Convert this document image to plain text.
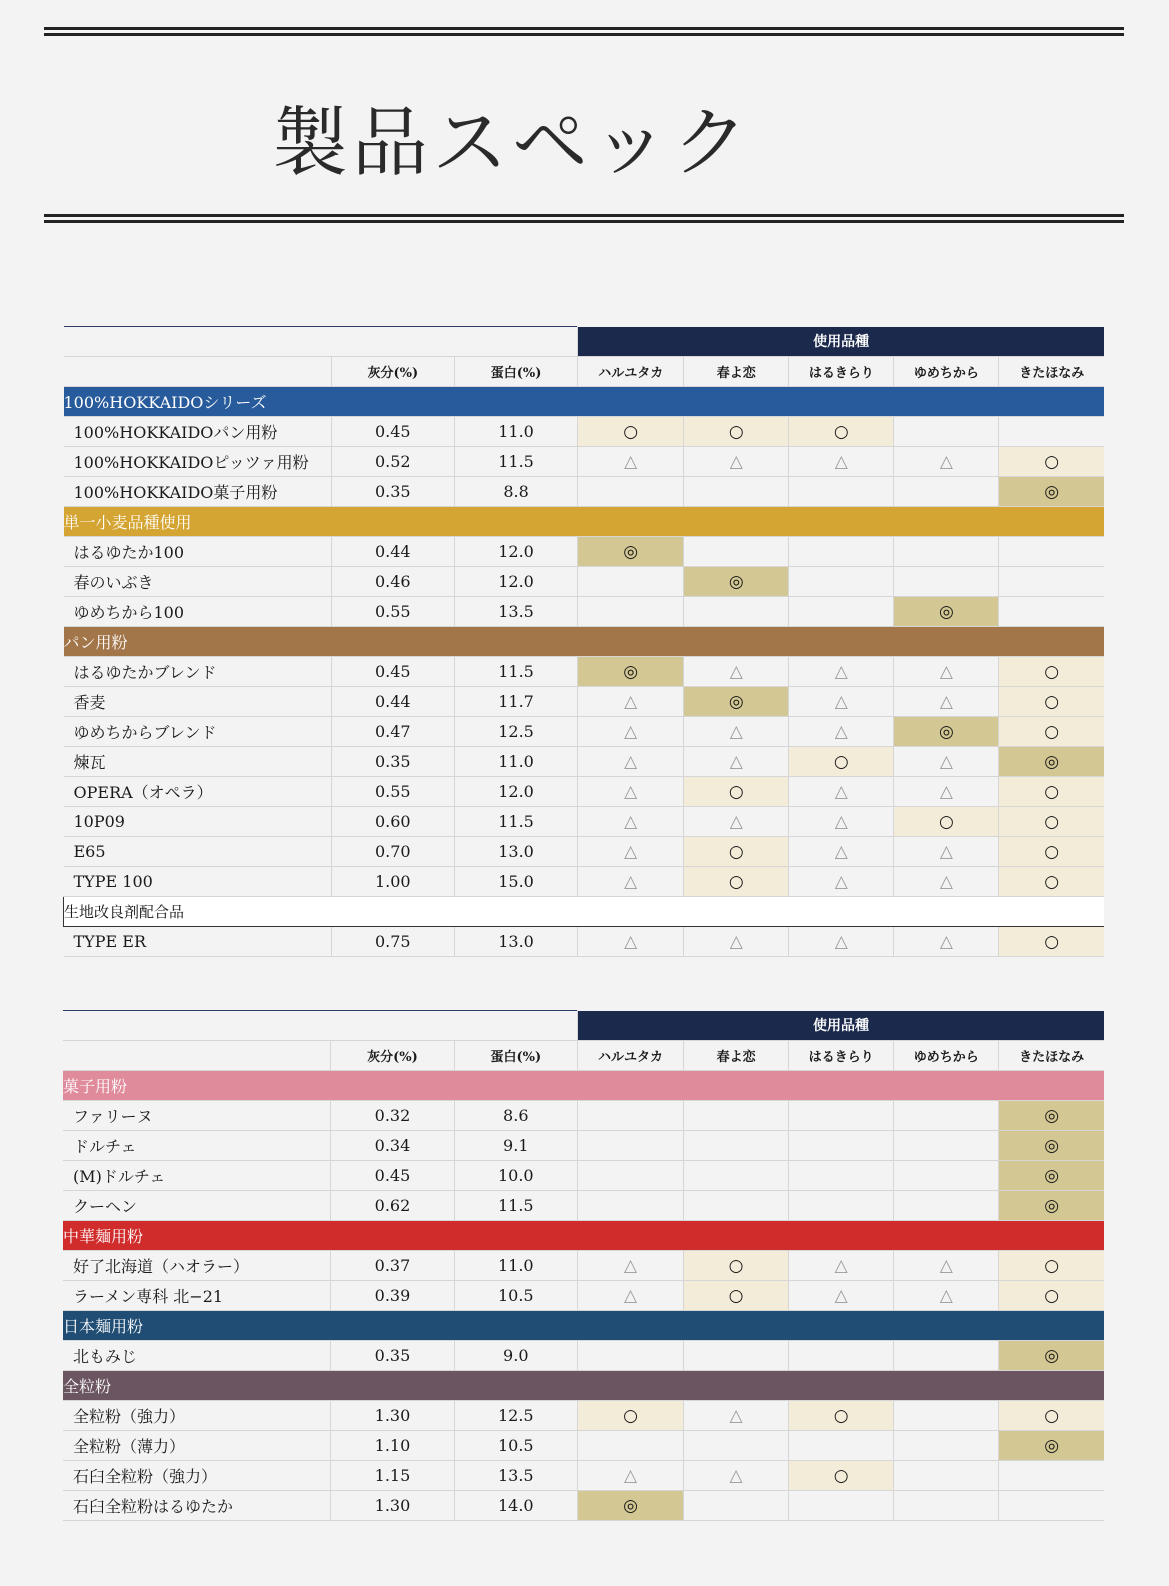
製品スペック
			使用品種				
	灰分(%)	蛋白(%)	ハルユタカ	春よ恋	はるきらり	ゆめちから	きたほなみ
100%HOKKAIDOシリーズ							
100%HOKKAIDOパン用粉	0.45	11.0	○	○	○		
100%HOKKAIDOピッツァ用粉	0.52	11.5	△	△	△	△	○
100%HOKKAIDO菓子用粉	0.35	8.8					◎
単一小麦品種使用							
はるゆたか100	0.44	12.0	◎				
春のいぶき	0.46	12.0		◎			
ゆめちから100	0.55	13.5				◎	
パン用粉							
はるゆたかブレンド	0.45	11.5	◎	△	△	△	○
香麦	0.44	11.7	△	◎	△	△	○
ゆめちからブレンド	0.47	12.5	△	△	△	◎	○
煉瓦	0.35	11.0	△	△	○	△	◎
OPERA（オペラ）	0.55	12.0	△	○	△	△	○
10P09	0.60	11.5	△	△	△	○	○
E65	0.70	13.0	△	○	△	△	○
TYPE 100	1.00	15.0	△	○	△	△	○
生地改良剤配合品							
TYPE ER	0.75	13.0	△	△	△	△	○
			使用品種				
	灰分(%)	蛋白(%)	ハルユタカ	春よ恋	はるきらり	ゆめちから	きたほなみ
菓子用粉							
ファリーヌ	0.32	8.6					◎
ドルチェ	0.34	9.1					◎
(M)ドルチェ	0.45	10.0					◎
クーヘン	0.62	11.5					◎
中華麺用粉							
好了北海道（ハオラー）	0.37	11.0	△	○	△	△	○
ラーメン専科 北−21	0.39	10.5	△	○	△	△	○
日本麺用粉							
北もみじ	0.35	9.0					◎
全粒粉							
全粒粉（強力）	1.30	12.5	○	△	○		○
全粒粉（薄力）	1.10	10.5					◎
石臼全粒粉（強力）	1.15	13.5	△	△	○		
石臼全粒粉はるゆたか	1.30	14.0	◎				
